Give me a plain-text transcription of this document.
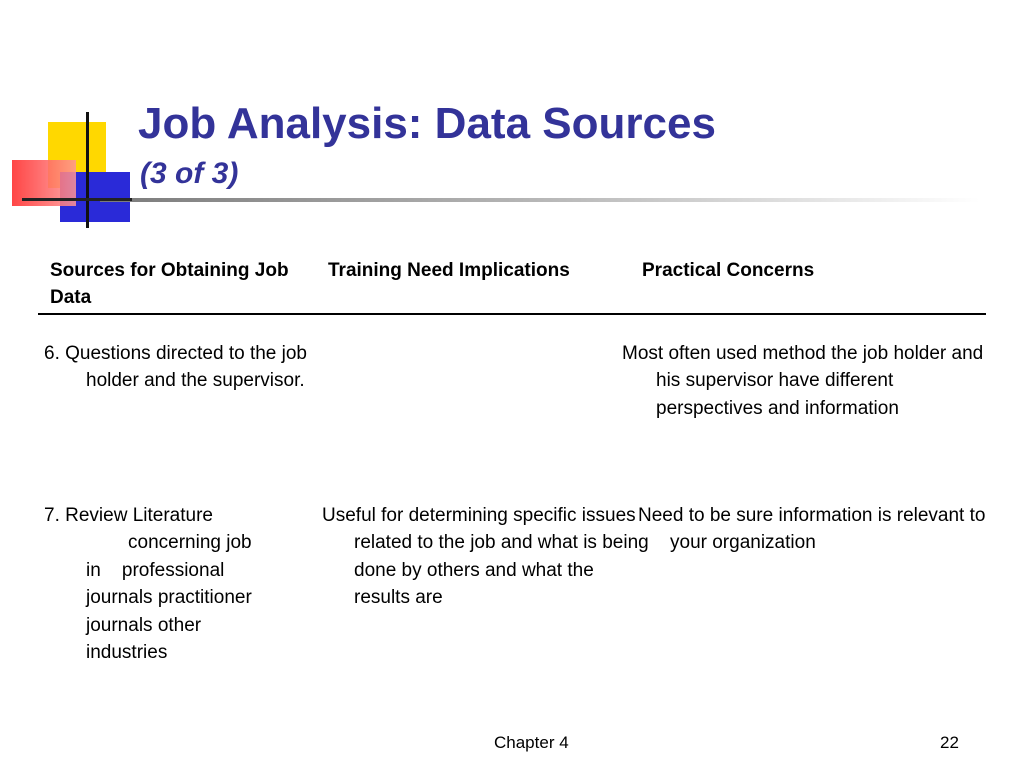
Job Analysis: Data Sources
(3 of 3)
Sources for Obtaining Job Data
Training Need Implications	Practical Concerns

6. Questions directed to the job holder and the supervisor.

Most often used method the job holder and his supervisor have different perspectives and information

7. Review Literature
concerning job
in    professional
journals practitioner
journals other
industries

Useful for determining specific issues related to the job and what is being done by others and what the results are

Need to be sure information is relevant to your organization

Chapter 4	22
